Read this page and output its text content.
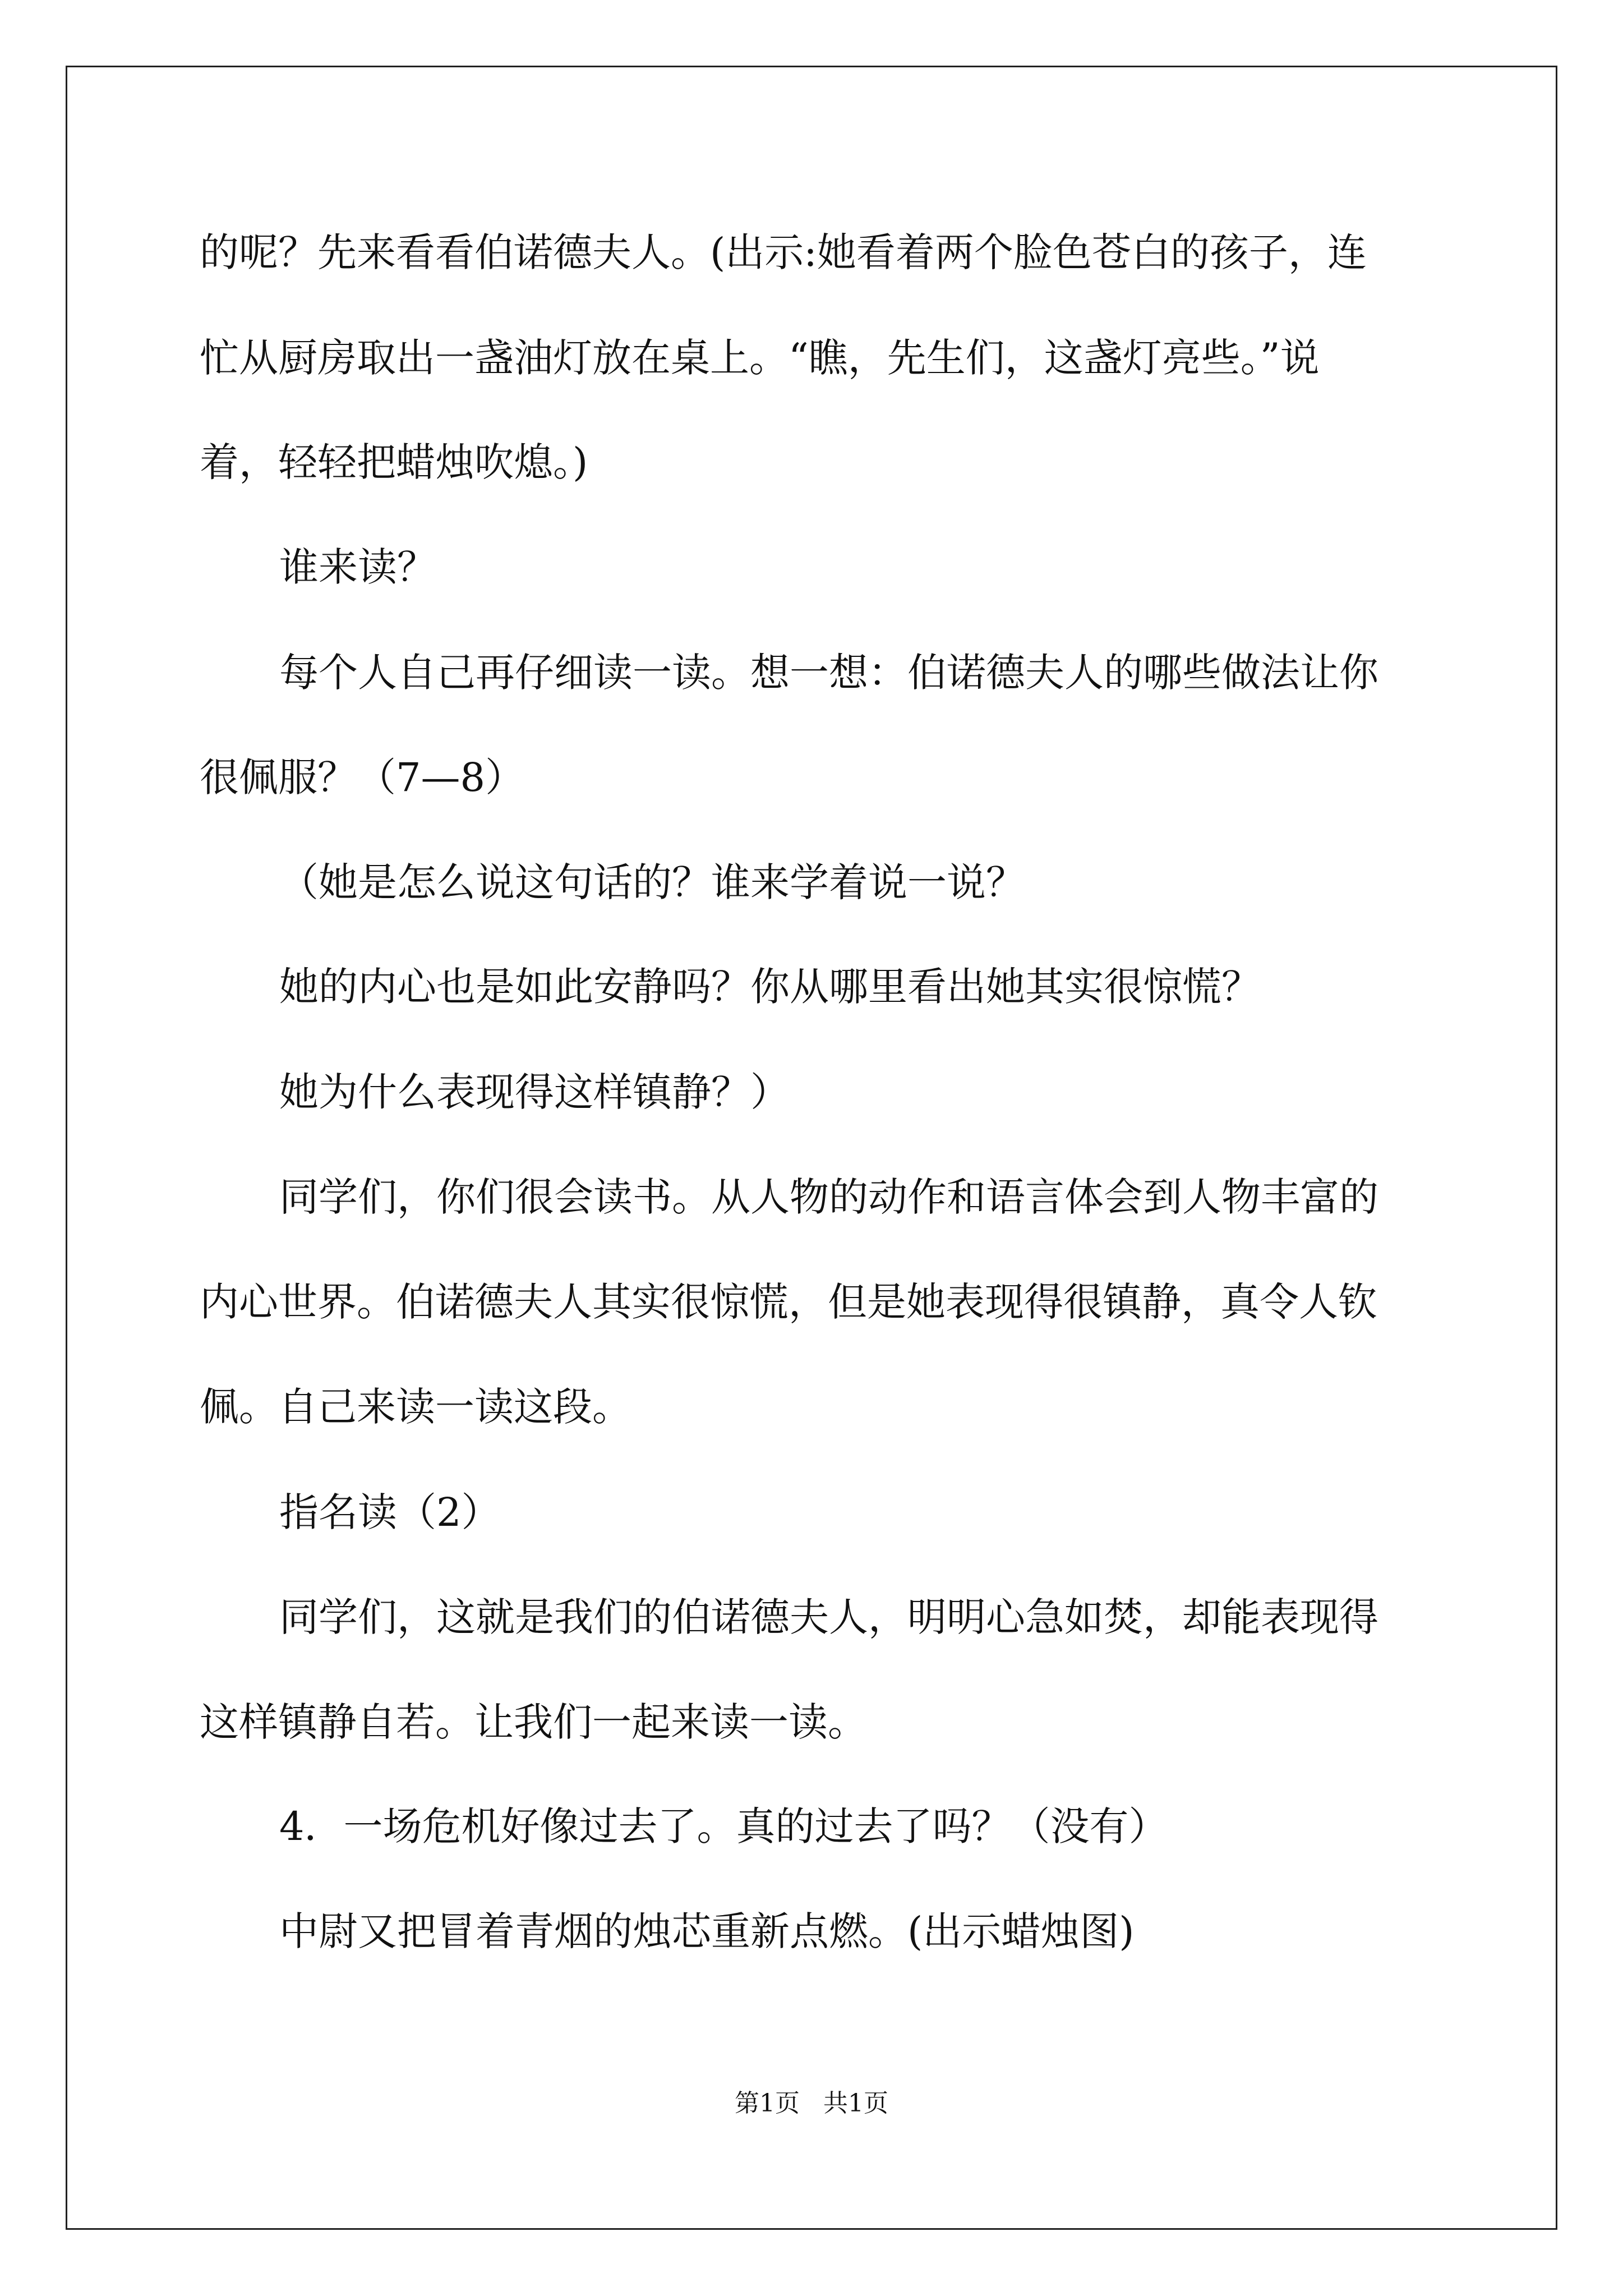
的呢？先来看看伯诺德夫人。(出示:她看着两个脸色苍白的孩子，连
忙从厨房取出一盏油灯放在桌上。“瞧，先生们，这盏灯亮些。”说
着，轻轻把蜡烛吹熄。)
谁来读？
每个人自己再仔细读一读。想一想：伯诺德夫人的哪些做法让你
很佩服？（7—8）
（她是怎么说这句话的？谁来学着说一说？
她的内心也是如此安静吗？你从哪里看出她其实很惊慌？
她为什么表现得这样镇静？）
同学们，你们很会读书。从人物的动作和语言体会到人物丰富的
内心世界。伯诺德夫人其实很惊慌，但是她表现得很镇静，真令人钦
佩。自己来读一读这段。
指名读（2）
同学们，这就是我们的伯诺德夫人，明明心急如焚，却能表现得
这样镇静自若。让我们一起来读一读。
4．一场危机好像过去了。真的过去了吗？（没有）
中尉又把冒着青烟的烛芯重新点燃。(出示蜡烛图)
第1页   共1页
